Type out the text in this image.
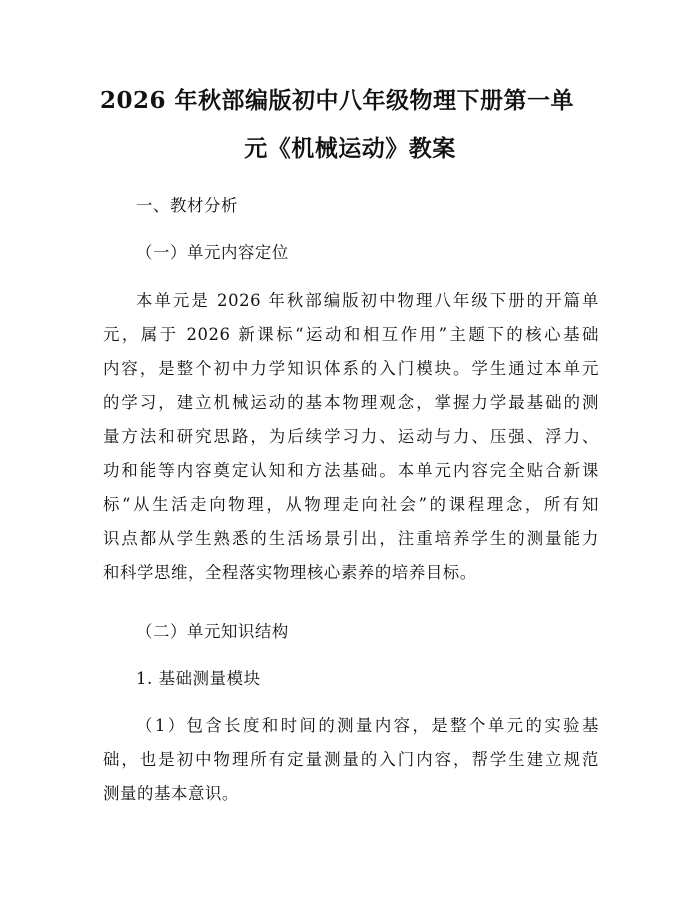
2026 年秋部编版初中八年级物理下册第一单
元《机械运动》教案
一、教材分析
（一）单元内容定位
本单元是 2026 年秋部编版初中物理八年级下册的开篇单
元，属于 2026 新课标“运动和相互作用”主题下的核心基础
内容，是整个初中力学知识体系的入门模块。学生通过本单元
的学习，建立机械运动的基本物理观念，掌握力学最基础的测
量方法和研究思路，为后续学习力、运动与力、压强、浮力、
功和能等内容奠定认知和方法基础。本单元内容完全贴合新课
标“从生活走向物理，从物理走向社会”的课程理念，所有知
识点都从学生熟悉的生活场景引出，注重培养学生的测量能力
和科学思维，全程落实物理核心素养的培养目标。
（二）单元知识结构
1. 基础测量模块
（1）包含长度和时间的测量内容，是整个单元的实验基
础，也是初中物理所有定量测量的入门内容，帮学生建立规范
测量的基本意识。
